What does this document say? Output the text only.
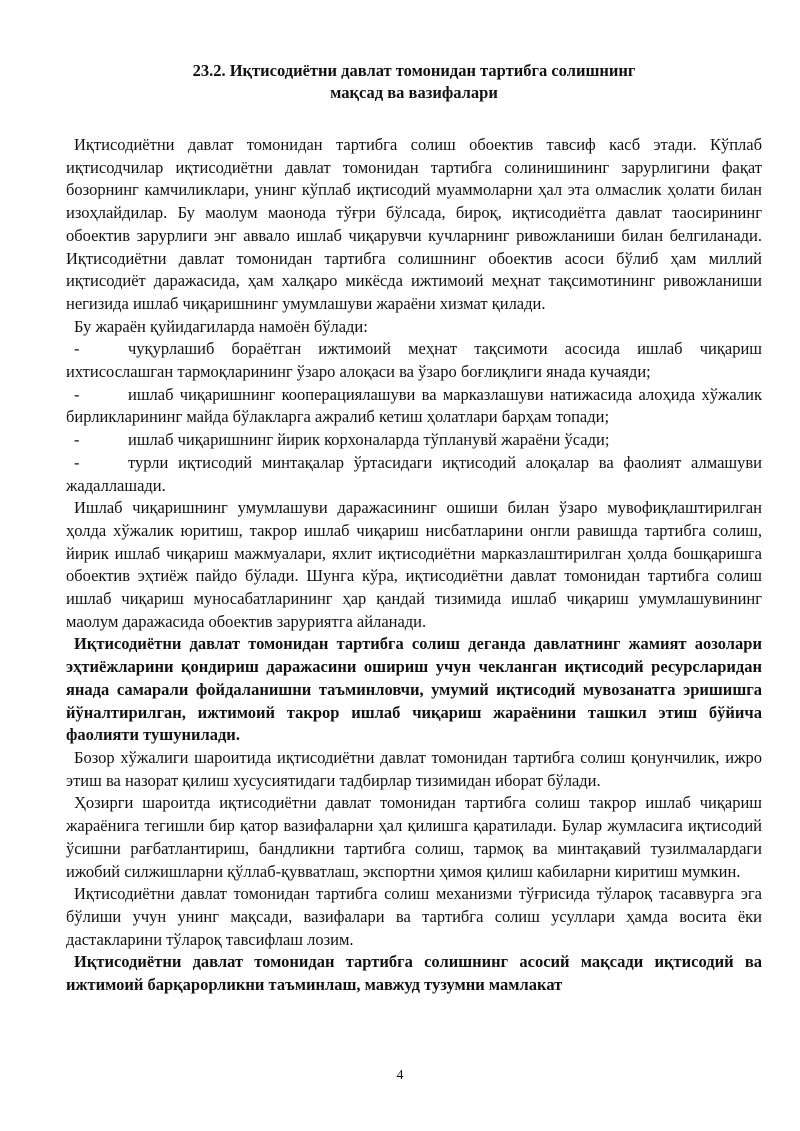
23.2. Иқтисодиётни давлат томонидан тартибга солишнинг
мақсад ва вазифалари

Иқтисодиётни давлат томонидан тартибга солиш обоектив тавсиф касб этади. Кўплаб иқтисодчилар иқтисодиётни давлат томонидан тартибга солинишининг зарурлигини фақат бозорнинг камчиликлари, унинг кўплаб иқтисодий муаммоларни ҳал эта олмаслик ҳолати билан изоҳлайдилар. Бу маолум маонода тўғри бўлсада, бироқ, иқтисодиётга давлат таосирининг обоектив зарурлиги энг аввало ишлаб чиқарувчи кучларнинг ривожланиши билан белгиланади. Иқтисодиётни давлат томонидан тартибга солишнинг обоектив асоси бўлиб ҳам миллий иқтисодиёт даражасида, ҳам халқаро микёсда ижтимоий меҳнат тақсимотининг ривожланиши негизида ишлаб чиқаришнинг умумлашуви жараёни хизмат қилади.

Бу жараён қуйидагиларда намоён бўлади:

-	чуқурлашиб бораётган ижтимоий меҳнат тақсимоти асосида ишлаб чиқариш ихтисослашган тармоқларининг ўзаро алоқаси ва ўзаро боғлиқлиги янада кучаяди;

-	ишлаб чиқаришнинг кооперациялашуви ва марказлашуви натижасида алоҳида хўжалик бирликларининг майда бўлакларга ажралиб кетиш ҳолатлари барҳам топади;

-	ишлаб чиқаришнинг йирик корхоналарда тўпланувй жараёни ўсади;

-	турли иқтисодий минтақалар ўртасидаги иқтисодий алоқалар ва фаолият алмашуви жадаллашади.

Ишлаб чиқаришнинг умумлашуви даражасининг ошиши билан ўзаро мувофиқлаштирилган ҳолда хўжалик юритиш, такрор ишлаб чиқариш нисбатларини онгли равишда тартибга солиш, йирик ишлаб чиқариш мажмуалари, яхлит иқтисодиётни марказлаштирилган ҳолда бошқаришга обоектив эҳтиёж пайдо бўлади. Шунга кўра, иқтисодиётни давлат томонидан тартибга солиш ишлаб чиқариш муносабатларининг ҳар қандай тизимида ишлаб чиқариш умумлашувининг маолум даражасида обоектив заруриятга айланади.

Иқтисодиётни давлат томонидан тартибга солиш деганда давлатнинг жамият аозолари эҳтиёжларини қондириш даражасини ошириш учун чекланган иқтисодий ресурсларидан янада самарали фойдаланишни таъминловчи, умумий иқтисодий мувозанатга эришишга йўналтирилган, ижтимоий такрор ишлаб чиқариш жараёнини ташкил этиш бўйича фаолияти тушунилади.

Бозор хўжалиги шароитида иқтисодиётни давлат томонидан тартибга солиш қонунчилик, ижро этиш ва назорат қилиш хусусиятидаги тадбирлар тизимидан иборат бўлади.

Ҳозирги шароитда иқтисодиётни давлат томонидан тартибга солиш такрор ишлаб чиқариш жараёнига тегишли бир қатор вазифаларни ҳал қилишга қаратилади. Булар жумласига иқтисодий ўсишни рағбатлантириш, бандликни тартибга солиш, тармоқ ва минтақавий тузилмалардаги ижобий силжишларни қўллаб-қувватлаш, экспортни ҳимоя қилиш кабиларни киритиш мумкин.

Иқтисодиётни давлат томонидан тартибга солиш механизми тўғрисида тўлароқ тасаввурга эга бўлиши учун унинг мақсади, вазифалари ва тартибга солиш усуллари ҳамда восита ёки дастакларини тўлароқ тавсифлаш лозим.

Иқтисодиётни давлат томонидан тартибга солишнинг асосий мақсади иқтисодий ва ижтимоий барқарорликни таъминлаш, мавжуд тузумни мамлакат

4
